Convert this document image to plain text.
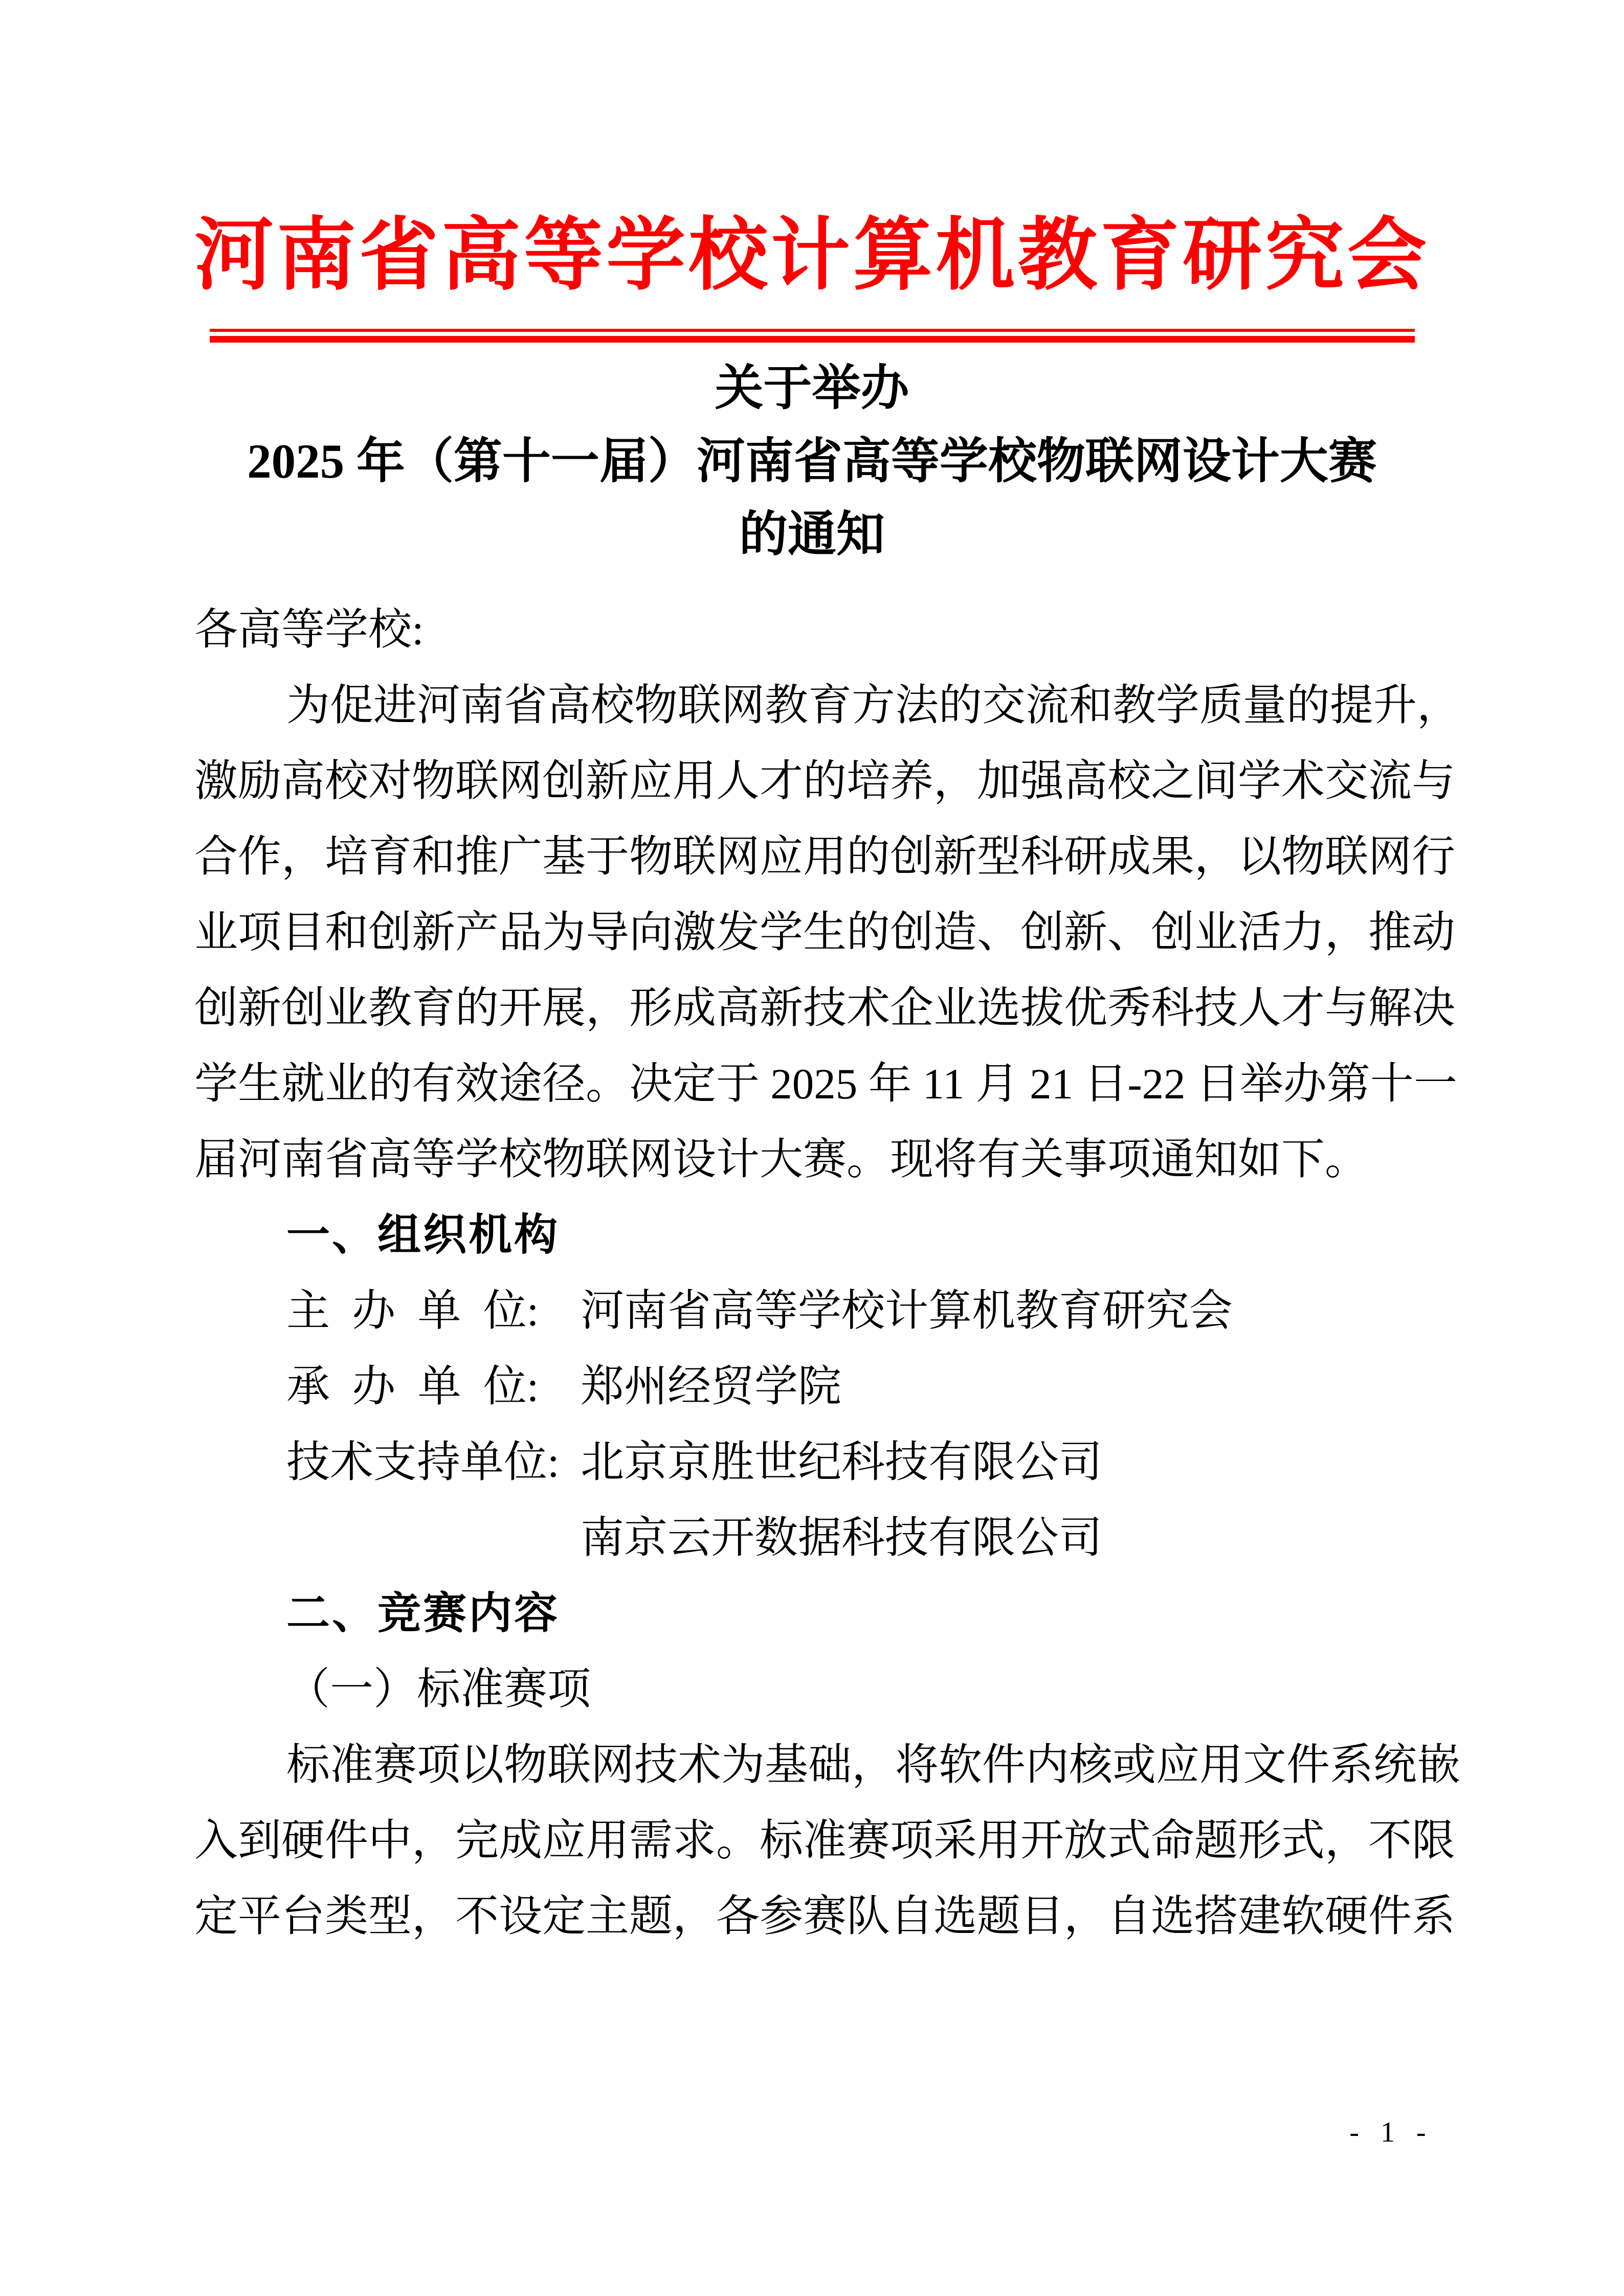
河南省高等学校计算机教育研究会
关于举办
2025 年（第十一届）河南省高等学校物联网设计大赛
的通知
各高等学校:
为促进河南省高校物联网教育方法的交流和教学质量的提升，
激励高校对物联网创新应用人才的培养，加强高校之间学术交流与
合作，培育和推广基于物联网应用的创新型科研成果，以物联网行
业项目和创新产品为导向激发学生的创造、创新、创业活力，推动
创新创业教育的开展，形成高新技术企业选拔优秀科技人才与解决
学生就业的有效途径。决定于 2025 年 11 月 21 日-22 日举办第十一
届河南省高等学校物联网设计大赛。现将有关事项通知如下。
一、组织机构
主 办 单 位: 河南省高等学校计算机教育研究会
承 办 单 位: 郑州经贸学院
技术支持单位: 北京京胜世纪科技有限公司
南京云开数据科技有限公司
二、竞赛内容
（一）标准赛项
标准赛项以物联网技术为基础，将软件内核或应用文件系统嵌
入到硬件中，完成应用需求。标准赛项采用开放式命题形式，不限
定平台类型，不设定主题，各参赛队自选题目，自选搭建软硬件系
- 1 -
